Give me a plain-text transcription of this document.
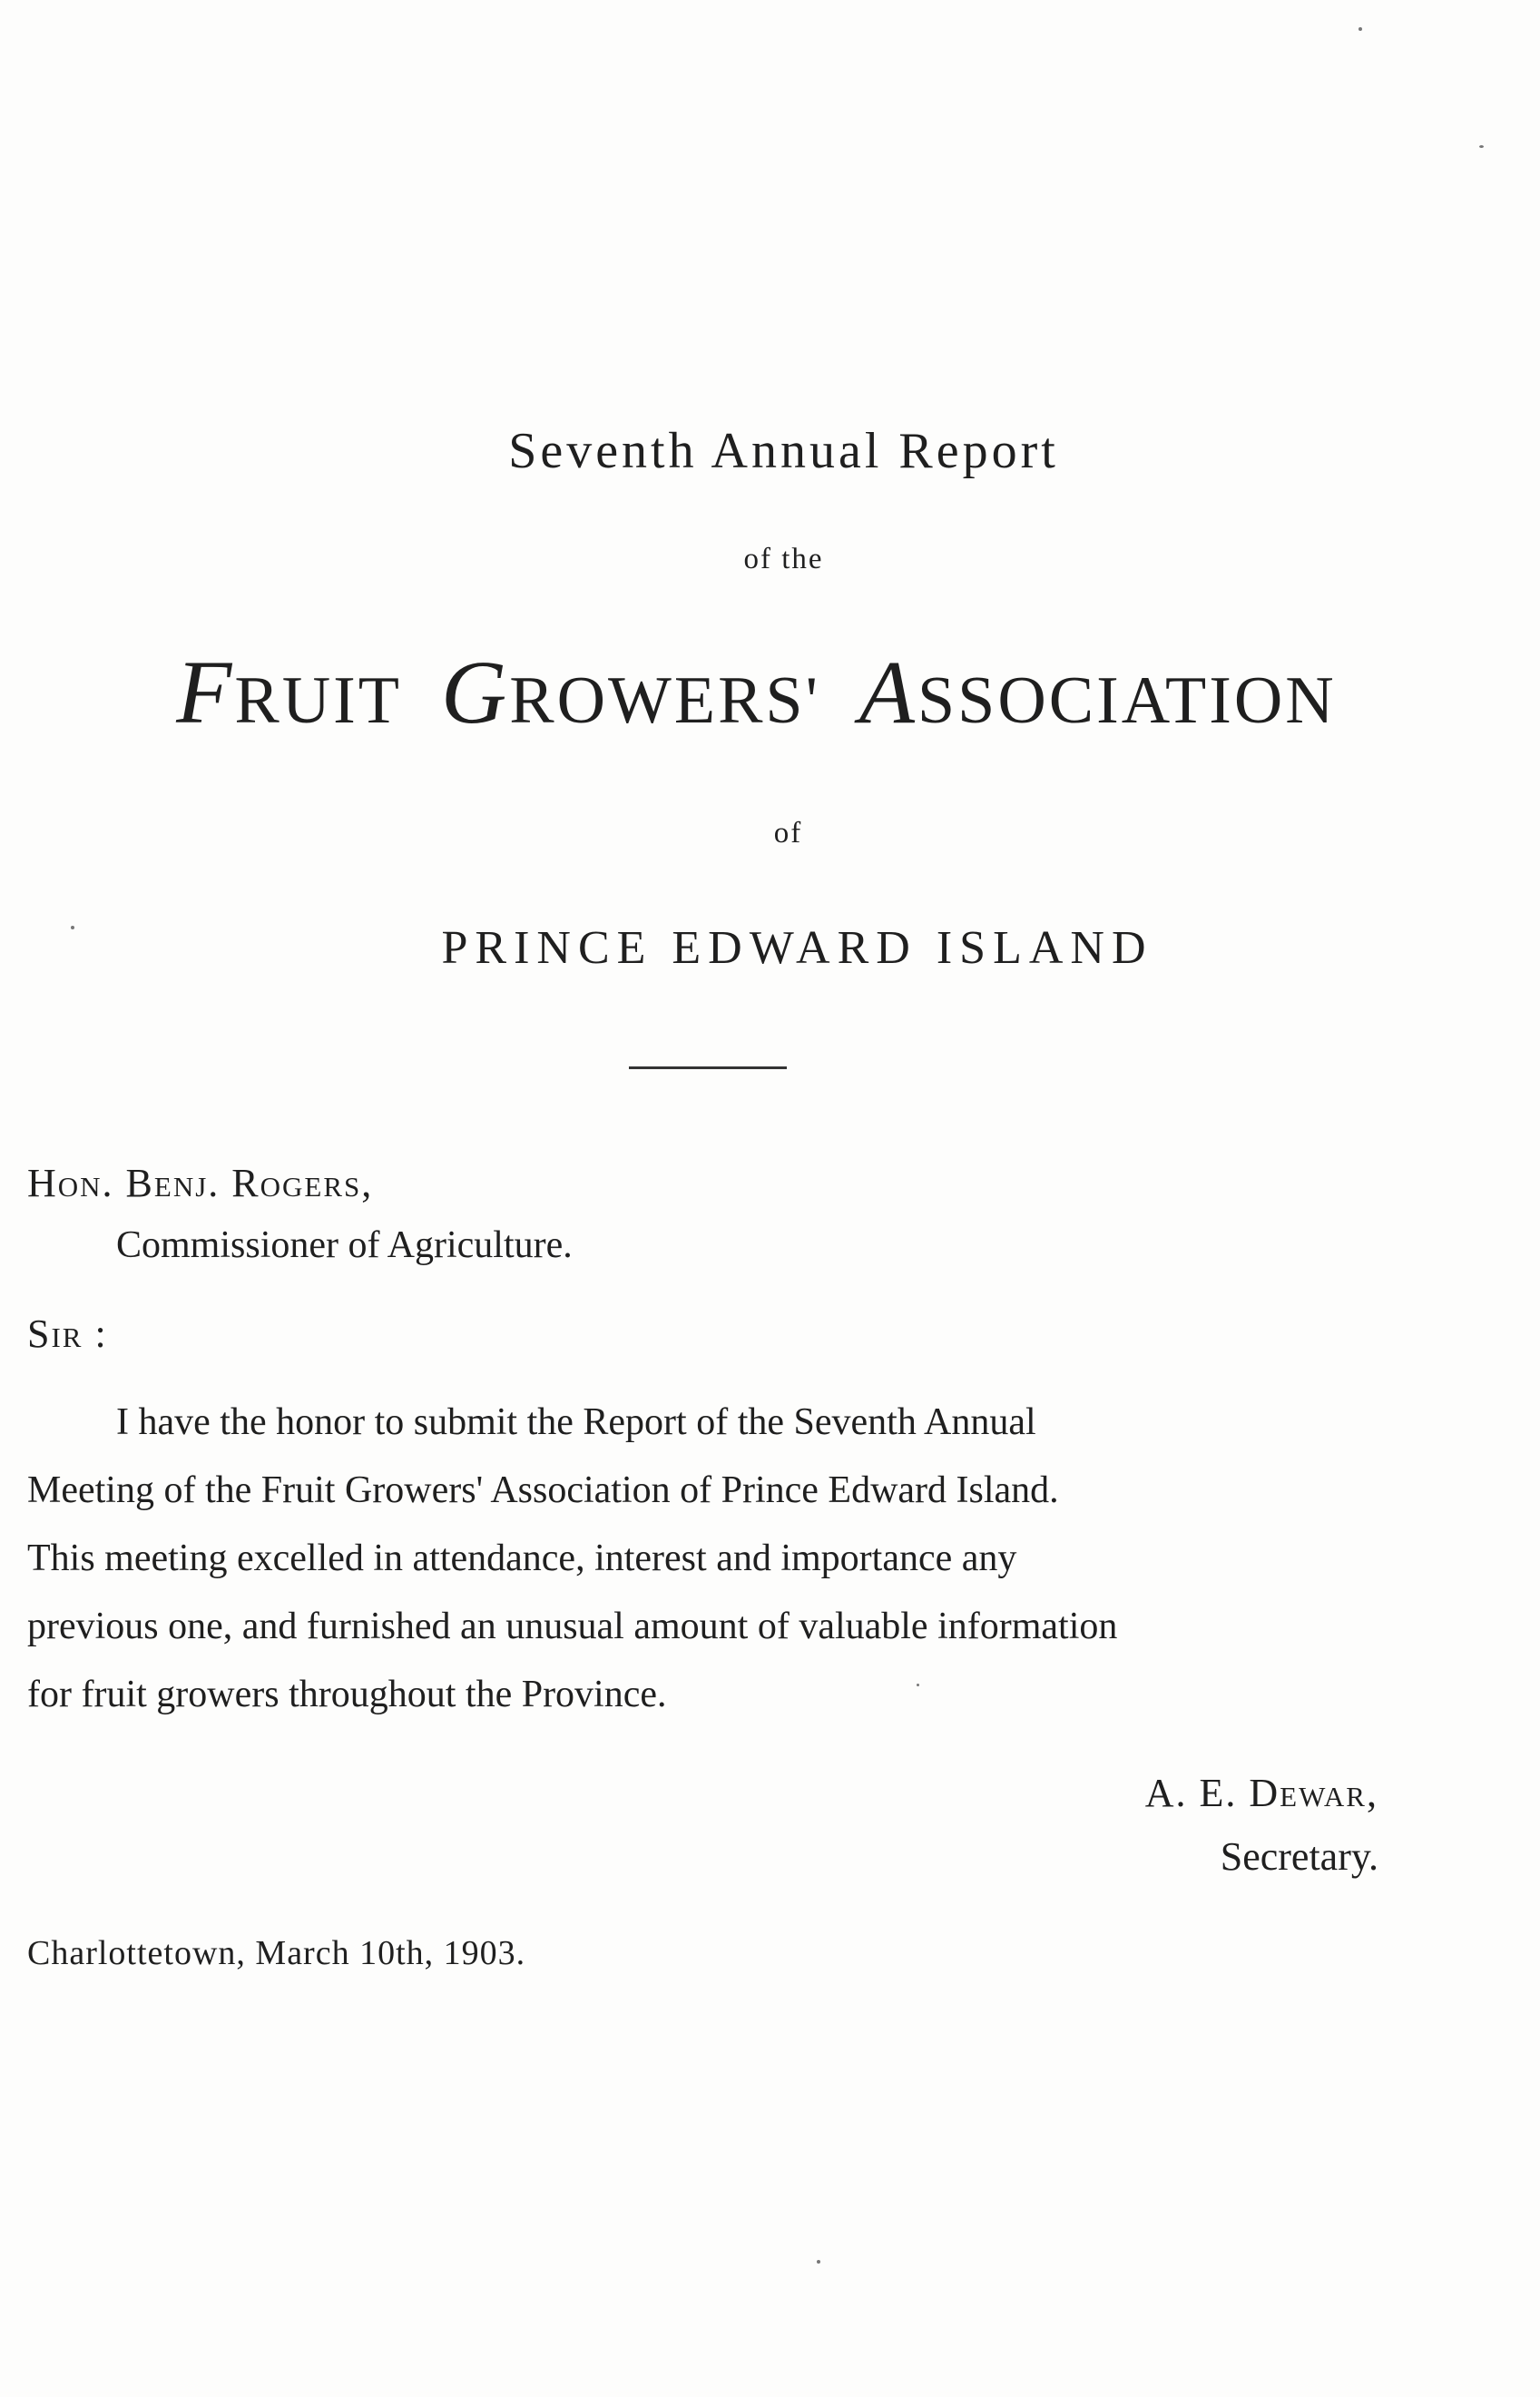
Seventh Annual Report
of the
FRUIT GROWERS' ASSOCIATION
of
PRINCE EDWARD ISLAND
Hon. Benj. Rogers,
Commissioner of Agriculture.
Sir :
I have the honor to submit the Report of the Seventh Annual
Meeting of the Fruit Growers' Association of Prince Edward Island.
This meeting excelled in attendance, interest and importance any
previous one, and furnished an unusual amount of valuable information
for fruit growers throughout the Province.
A. E. Dewar,
Secretary.
Charlottetown, March 10th, 1903.
